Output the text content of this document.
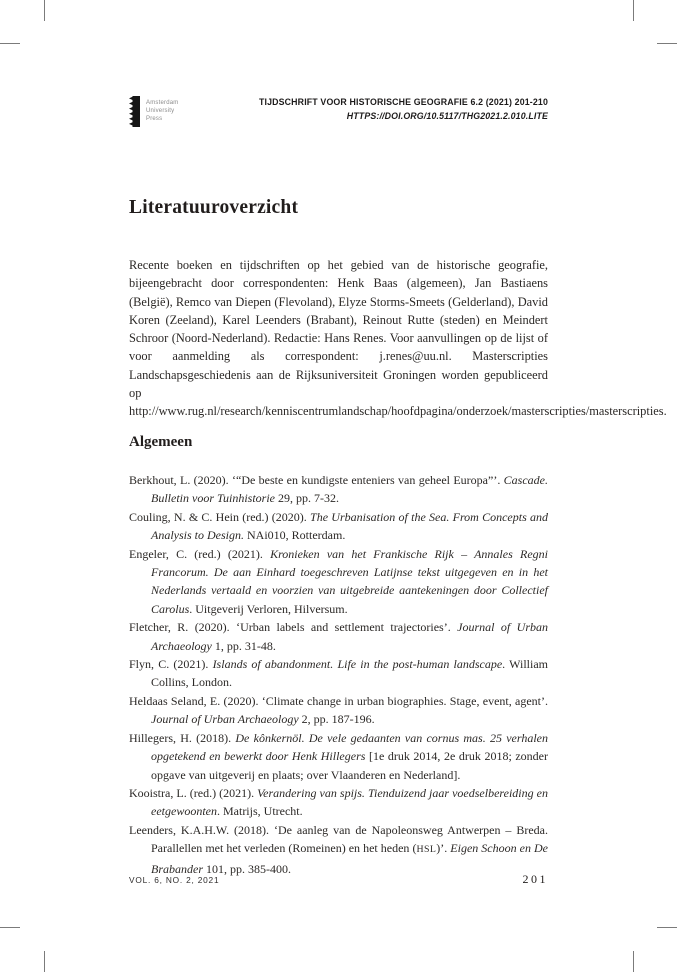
Amsterdam
University
Press
TIJDSCHRIFT VOOR HISTORISCHE GEOGRAFIE 6.2 (2021) 201-210
HTTPS://DOI.ORG/10.5117/THG2021.2.010.LITE
Literatuuroverzicht

Recente boeken en tijdschriften op het gebied van de historische geografie, bijeengebracht door correspondenten: Henk Baas (algemeen), Jan Bastiaens (België), Remco van Diepen (Flevoland), Elyze Storms-Smeets (Gelderland), David Koren (Zeeland), Karel Leenders (Brabant), Reinout Rutte (steden) en Meindert Schroor (Noord-Nederland). Redactie: Hans Renes. Voor aanvullingen op de lijst of voor aanmelding als correspondent: j.renes@uu.nl. Masterscripties Landschapsgeschiedenis aan de Rijksuniversiteit Groningen worden gepubliceerd op http://www.rug.nl/research/kenniscentrumlandschap/hoofdpagina/onderzoek/masterscripties/masterscripties.

Algemeen

Berkhout, L. (2020). ‘“De beste en kundigste enteniers van geheel Europa”’. Cascade. Bulletin voor Tuinhistorie 29, pp. 7-32.

Couling, N. & C. Hein (red.) (2020). The Urbanisation of the Sea. From Concepts and Analysis to Design. NAi010, Rotterdam.

Engeler, C. (red.) (2021). Kronieken van het Frankische Rijk – Annales Regni Francorum. De aan Einhard toegeschreven Latijnse tekst uitgegeven en in het Nederlands vertaald en voorzien van uitgebreide aantekeningen door Collectief Carolus. Uitgeverij Verloren, Hilversum.

Fletcher, R. (2020). ‘Urban labels and settlement trajectories’. Journal of Urban Archaeology 1, pp. 31-48.

Flyn, C. (2021). Islands of abandonment. Life in the post-human landscape. William Collins, London.

Heldaas Seland, E. (2020). ‘Climate change in urban biographies. Stage, event, agent’. Journal of Urban Archaeology 2, pp. 187-196.

Hillegers, H. (2018). De kônkernöl. De vele gedaanten van cornus mas. 25 verhalen opgetekend en bewerkt door Henk Hillegers [1e druk 2014, 2e druk 2018; zonder opgave van uitgeverij en plaats; over Vlaanderen en Nederland].

Kooistra, L. (red.) (2021). Verandering van spijs. Tienduizend jaar voedselbereiding en eetgewoonten. Matrijs, Utrecht.

Leenders, K.A.H.W. (2018). ‘De aanleg van de Napoleonsweg Antwerpen – Breda. Parallellen met het verleden (Romeinen) en het heden (HSL)’. Eigen Schoon en De Brabander 101, pp. 385-400.

VOL. 6, NO. 2, 2021	201
